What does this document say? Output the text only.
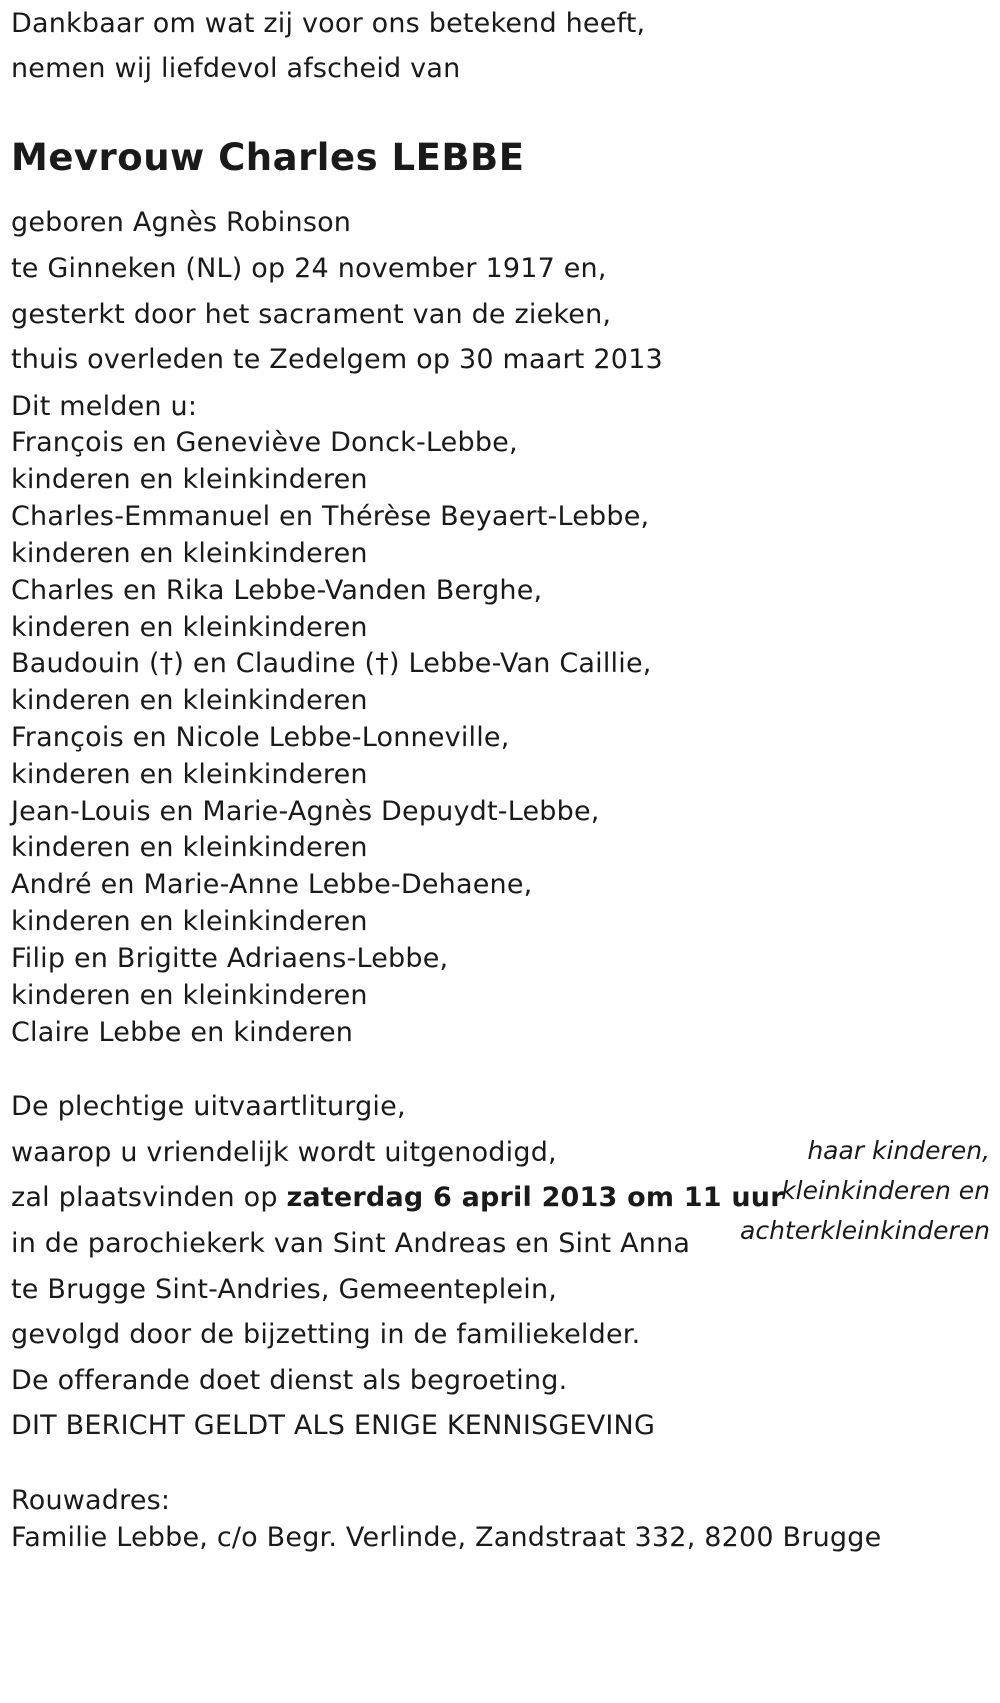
Dankbaar om wat zij voor ons betekend heeft,
nemen wij liefdevol afscheid van
Mevrouw Charles LEBBE
geboren Agnès Robinson
te Ginneken (NL) op 24 november 1917 en,
gesterkt door het sacrament van de zieken,
thuis overleden te Zedelgem op 30 maart 2013
Dit melden u:
François en Geneviève Donck-Lebbe,
kinderen en kleinkinderen
Charles-Emmanuel en Thérèse Beyaert-Lebbe,
kinderen en kleinkinderen
Charles en Rika Lebbe-Vanden Berghe,
kinderen en kleinkinderen
Baudouin (†) en Claudine (†) Lebbe-Van Caillie,
kinderen en kleinkinderen
François en Nicole Lebbe-Lonneville,
kinderen en kleinkinderen
Jean-Louis en Marie-Agnès Depuydt-Lebbe,
kinderen en kleinkinderen
André en Marie-Anne Lebbe-Dehaene,
kinderen en kleinkinderen
Filip en Brigitte Adriaens-Lebbe,
kinderen en kleinkinderen
Claire Lebbe en kinderen
haar kinderen,
kleinkinderen en
achterkleinkinderen
De plechtige uitvaartliturgie,
waarop u vriendelijk wordt uitgenodigd,
zal plaatsvinden op zaterdag 6 april 2013 om 11 uur
in de parochiekerk van Sint Andreas en Sint Anna
te Brugge Sint-Andries, Gemeenteplein,
gevolgd door de bijzetting in de familiekelder.
De offerande doet dienst als begroeting.
DIT BERICHT GELDT ALS ENIGE KENNISGEVING
Rouwadres:
Familie Lebbe, c/o Begr. Verlinde, Zandstraat 332, 8200 Brugge
